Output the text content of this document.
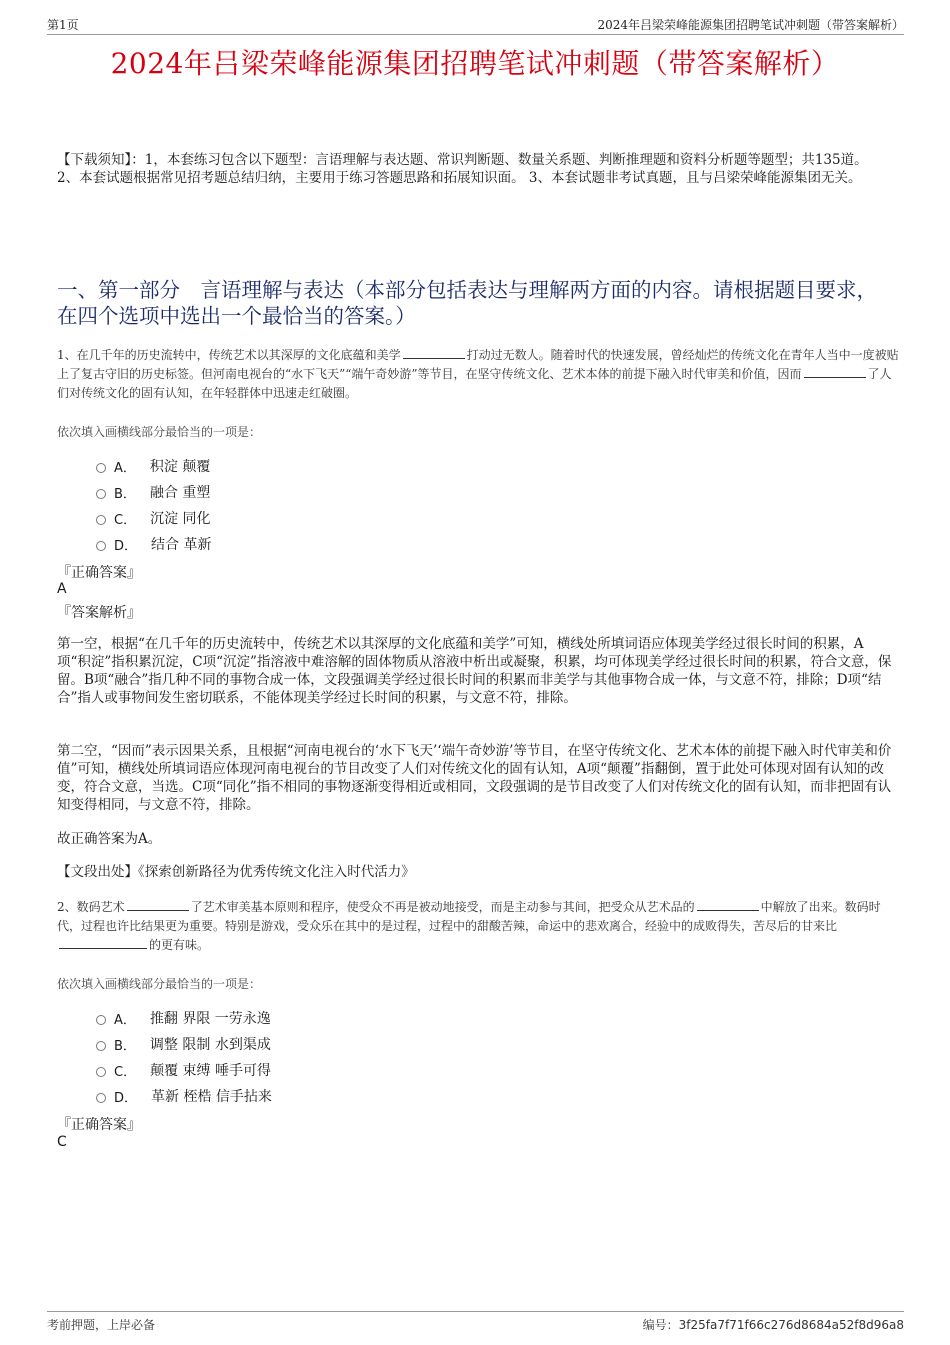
第1页	2024年吕梁荣峰能源集团招聘笔试冲刺题（带答案解析）
2024年吕梁荣峰能源集团招聘笔试冲刺题（带答案解析）
【下载须知】：1，本套练习包含以下题型：言语理解与表达题、常识判断题、数量关系题、判断推理题和资料分析题等题型；共135道。 2、本套试题根据常见招考题总结归纳，主要用于练习答题思路和拓展知识面。 3、本套试题非考试真题，且与吕梁荣峰能源集团无关。
一、第一部分　言语理解与表达（本部分包括表达与理解两方面的内容。请根据题目要求，在四个选项中选出一个最恰当的答案。）
1、在几千年的历史流转中，传统艺术以其深厚的文化底蕴和美学	打动过无数人。随着时代的快速发展，曾经灿烂的传统文化在青年人当中一度被贴上了复古守旧的历史标签。但河南电视台的“水下飞天”“端午奇妙游”等节目，在坚守传统文化、艺术本体的前提下融入时代审美和价值，因而	了人们对传统文化的固有认知，在年轻群体中迅速走红破圈。
依次填入画横线部分最恰当的一项是：
A． 积淀 颠覆
B． 融合 重塑
C． 沉淀 同化
D． 结合 革新
『正确答案』
A
『答案解析』
第一空，根据“在几千年的历史流转中，传统艺术以其深厚的文化底蕴和美学”可知，横线处所填词语应体现美学经过很长时间的积累，A项“积淀”指积累沉淀，C项“沉淀”指溶液中难溶解的固体物质从溶液中析出或凝聚，积累，均可体现美学经过很长时间的积累，符合文意，保留。B项“融合”指几种不同的事物合成一体，文段强调美学经过很长时间的积累而非美学与其他事物合成一体，与文意不符，排除；D项“结合”指人或事物间发生密切联系，不能体现美学经过长时间的积累，与文意不符，排除。
第二空，“因而”表示因果关系，且根据“河南电视台的‘水下飞天’‘端午奇妙游’等节目，在坚守传统文化、艺术本体的前提下融入时代审美和价值”可知，横线处所填词语应体现河南电视台的节目改变了人们对传统文化的固有认知，A项“颠覆”指翻倒，置于此处可体现对固有认知的改变，符合文意，当选。C项“同化”指不相同的事物逐渐变得相近或相同，文段强调的是节目改变了人们对传统文化的固有认知，而非把固有认知变得相同，与文意不符，排除。
故正确答案为A。
【文段出处】《探索创新路径为优秀传统文化注入时代活力》
2、数码艺术	了艺术审美基本原则和程序，使受众不再是被动地接受，而是主动参与其间，把受众从艺术品的	中解放了出来。数码时代，过程也许比结果更为重要。特别是游戏，受众乐在其中的是过程，过程中的甜酸苦辣，命运中的悲欢离合，经验中的成败得失，苦尽后的甘来比的更有味。
依次填入画横线部分最恰当的一项是：
A． 推翻 界限 一劳永逸
B． 调整 限制 水到渠成
C． 颠覆 束缚 唾手可得
D． 革新 桎梏 信手拈来
『正确答案』
C
考前押题，上岸必备	编号：3f25fa7f71f66c276d8684a52f8d96a8
